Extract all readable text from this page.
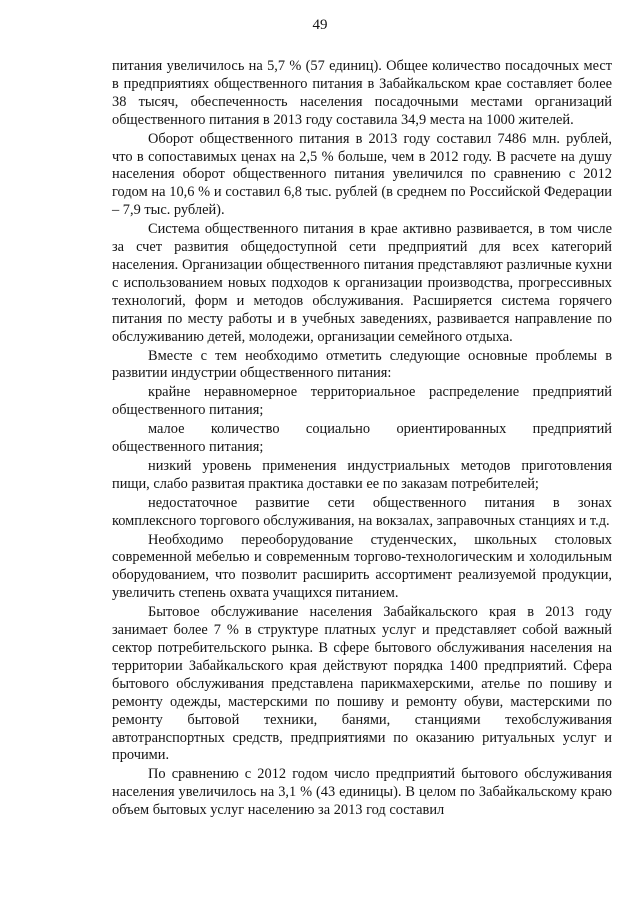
49

питания увеличилось на 5,7 % (57 единиц). Общее количество посадочных мест в предприятиях общественного питания в Забайкальском крае составляет более 38 тысяч, обеспеченность населения посадочными местами организаций общественного питания в 2013 году составила 34,9 места на 1000 жителей.

Оборот общественного питания в 2013 году составил 7486 млн. рублей, что в сопоставимых ценах на 2,5 % больше, чем в 2012 году. В расчете на душу населения оборот общественного питания увеличился по сравнению с 2012 годом на 10,6 % и составил 6,8 тыс. рублей (в среднем по Российской Федерации – 7,9 тыс. рублей).

Система общественного питания в крае активно развивается, в том числе за счет развития общедоступной сети предприятий для всех категорий населения. Организации общественного питания представляют различные кухни с использованием новых подходов к организации производства, прогрессивных технологий, форм и методов обслуживания. Расширяется система горячего питания по месту работы и в учебных заведениях, развивается направление по обслуживанию детей, молодежи, организации семейного отдыха.

Вместе с тем необходимо отметить следующие основные проблемы в развитии индустрии общественного питания:

крайне неравномерное территориальное распределение предприятий общественного питания;

малое количество социально ориентированных предприятий общественного питания;

низкий уровень применения индустриальных методов приготовления пищи, слабо развитая практика доставки ее по заказам потребителей;

недостаточное развитие сети общественного питания в зонах комплексного торгового обслуживания, на вокзалах, заправочных станциях и т.д.

Необходимо переоборудование студенческих, школьных столовых современной мебелью и современным торгово-технологическим и холодильным оборудованием, что позволит расширить ассортимент реализуемой продукции, увеличить степень охвата учащихся питанием.

Бытовое обслуживание населения Забайкальского края в 2013 году занимает более 7 % в структуре платных услуг и представляет собой важный сектор потребительского рынка. В сфере бытового обслуживания населения на территории Забайкальского края действуют порядка 1400 предприятий. Сфера бытового обслуживания представлена парикмахерскими, ателье по пошиву и ремонту одежды, мастерскими по пошиву и ремонту обуви, мастерскими по ремонту бытовой техники, банями, станциями техобслуживания автотранспортных средств, предприятиями по оказанию ритуальных услуг и прочими.

По сравнению с 2012 годом число предприятий бытового обслуживания населения увеличилось на 3,1 % (43 единицы). В целом по Забайкальскому краю объем бытовых услуг населению за 2013 год составил
